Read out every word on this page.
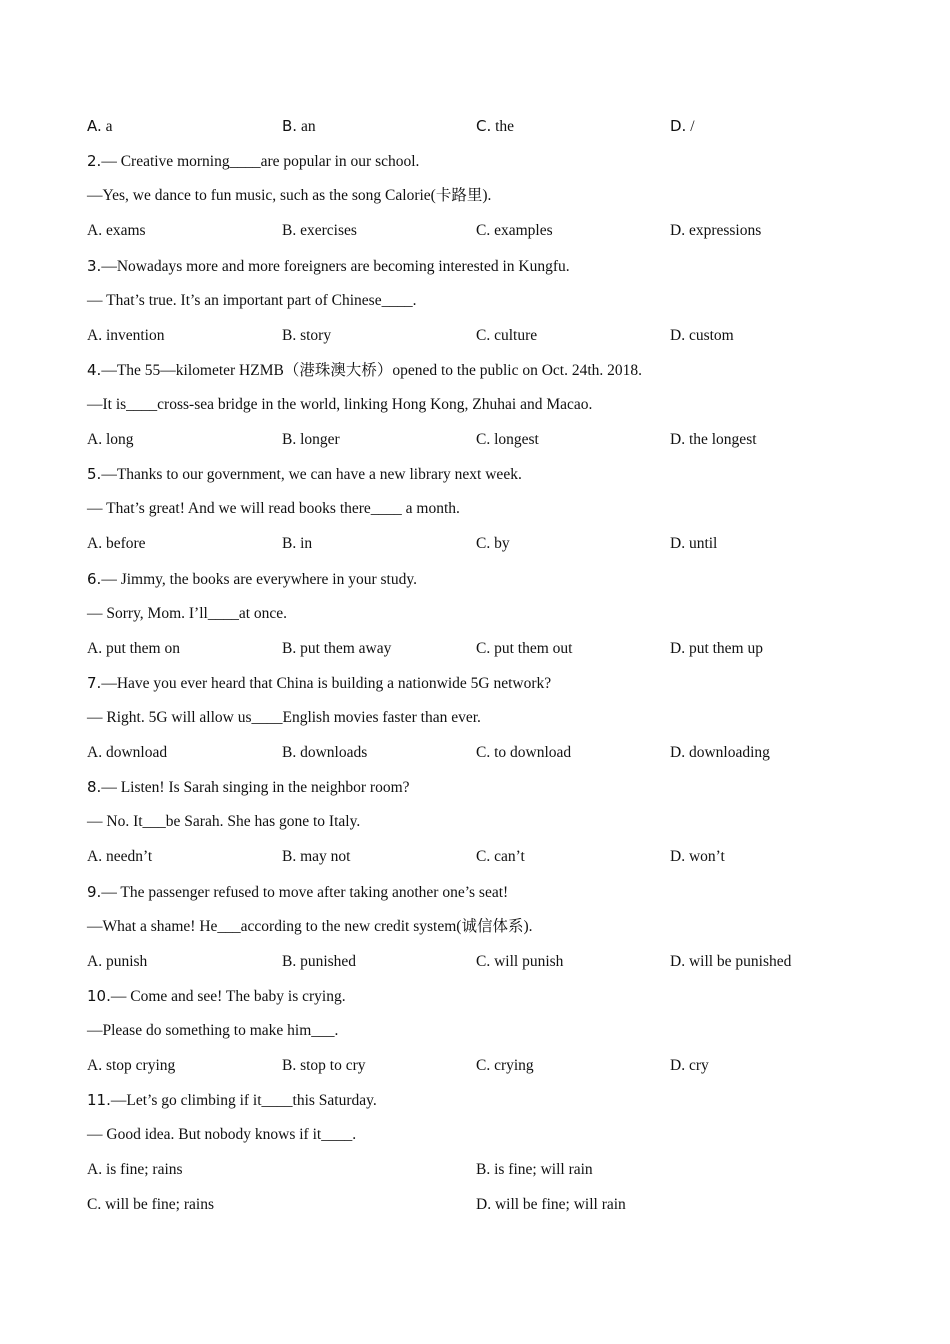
A. a	B. an	C. the	D. /
2.— Creative morning____are popular in our school.
—Yes, we dance to fun music, such as the song Calorie(卡路里).
A. exams	B. exercises	C. examples	D. expressions
3.—Nowadays more and more foreigners are becoming interested in Kungfu.
— That’s true. It’s an important part of Chinese____.
A. invention	B. story	C. culture	D. custom
4.—The 55—kilometer HZMB（港珠澳大桥）opened to the public on Oct. 24th. 2018.
—It is____cross-sea bridge in the world, linking Hong Kong, Zhuhai and Macao.
A. long	B. longer	C. longest	D. the longest
5.—Thanks to our government, we can have a new library next week.
— That’s great! And we will read books there____ a month.
A. before	B. in	C. by	D. until
6.— Jimmy, the books are everywhere in your study.
— Sorry, Mom. I’ll____at once.
A. put them on	B. put them away	C. put them out	D. put them up
7.—Have you ever heard that China is building a nationwide 5G network?
— Right. 5G will allow us____English movies faster than ever.
A. download	B. downloads	C. to download	D. downloading
8.— Listen! Is Sarah singing in the neighbor room?
— No. It___be Sarah. She has gone to Italy.
A. needn’t	B. may not	C. can’t	D. won’t
9.— The passenger refused to move after taking another one’s seat!
—What a shame! He___according to the new credit system(诚信体系).
A. punish	B. punished	C. will punish	D. will be punished
10.— Come and see! The baby is crying.
—Please do something to make him___.
A. stop crying	B. stop to cry	C. crying	D. cry
11.—Let’s go climbing if it____this Saturday.
— Good idea. But nobody knows if it____.
A. is fine; rains	B. is fine; will rain
C. will be fine; rains	D. will be fine; will rain
